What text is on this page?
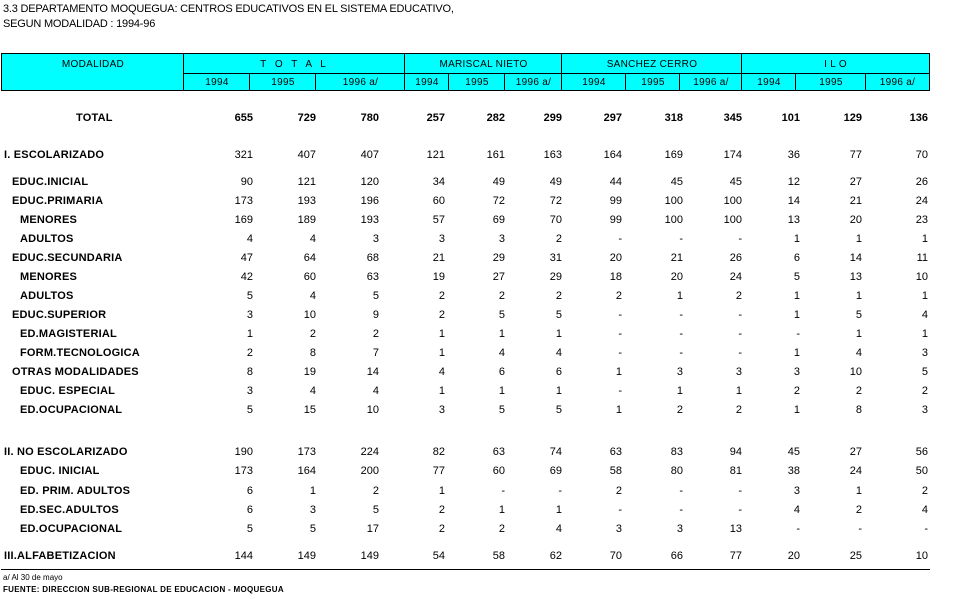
3.3 DEPARTAMENTO MOQUEGUA: CENTROS EDUCATIVOS EN EL SISTEMA EDUCATIVO,
SEGUN MODALIDAD : 1994-96
MODALIDAD	T O T A L	MARISCAL NIETO	SANCHEZ CERRO	I L O
1994	1995	1996 a/	1994	1995	1996 a/	1994	1995	1996 a/	1994	1995	1996 a/
TOTAL	655	729	780	257	282	299	297	318	345	101	129	136
I. ESCOLARIZADO	321	407	407	121	161	163	164	169	174	36	77	70
EDUC.INICIAL	90	121	120	34	49	49	44	45	45	12	27	26
EDUC.PRIMARIA	173	193	196	60	72	72	99	100	100	14	21	24
MENORES	169	189	193	57	69	70	99	100	100	13	20	23
ADULTOS	4	4	3	3	3	2	-	-	-	1	1	1
EDUC.SECUNDARIA	47	64	68	21	29	31	20	21	26	6	14	11
MENORES	42	60	63	19	27	29	18	20	24	5	13	10
ADULTOS	5	4	5	2	2	2	2	1	2	1	1	1
EDUC.SUPERIOR	3	10	9	2	5	5	-	-	-	1	5	4
ED.MAGISTERIAL	1	2	2	1	1	1	-	-	-	-	1	1
FORM.TECNOLOGICA	2	8	7	1	4	4	-	-	-	1	4	3
OTRAS MODALIDADES	8	19	14	4	6	6	1	3	3	3	10	5
EDUC. ESPECIAL	3	4	4	1	1	1	-	1	1	2	2	2
ED.OCUPACIONAL	5	15	10	3	5	5	1	2	2	1	8	3
II. NO ESCOLARIZADO	190	173	224	82	63	74	63	83	94	45	27	56
EDUC. INICIAL	173	164	200	77	60	69	58	80	81	38	24	50
ED. PRIM. ADULTOS	6	1	2	1	-	-	2	-	-	3	1	2
ED.SEC.ADULTOS	6	3	5	2	1	1	-	-	-	4	2	4
ED.OCUPACIONAL	5	5	17	2	2	4	3	3	13	-	-	-
III.ALFABETIZACION	144	149	149	54	58	62	70	66	77	20	25	10
a/ Al 30 de mayo
FUENTE: DIRECCION SUB-REGIONAL DE EDUCACION - MOQUEGUA
